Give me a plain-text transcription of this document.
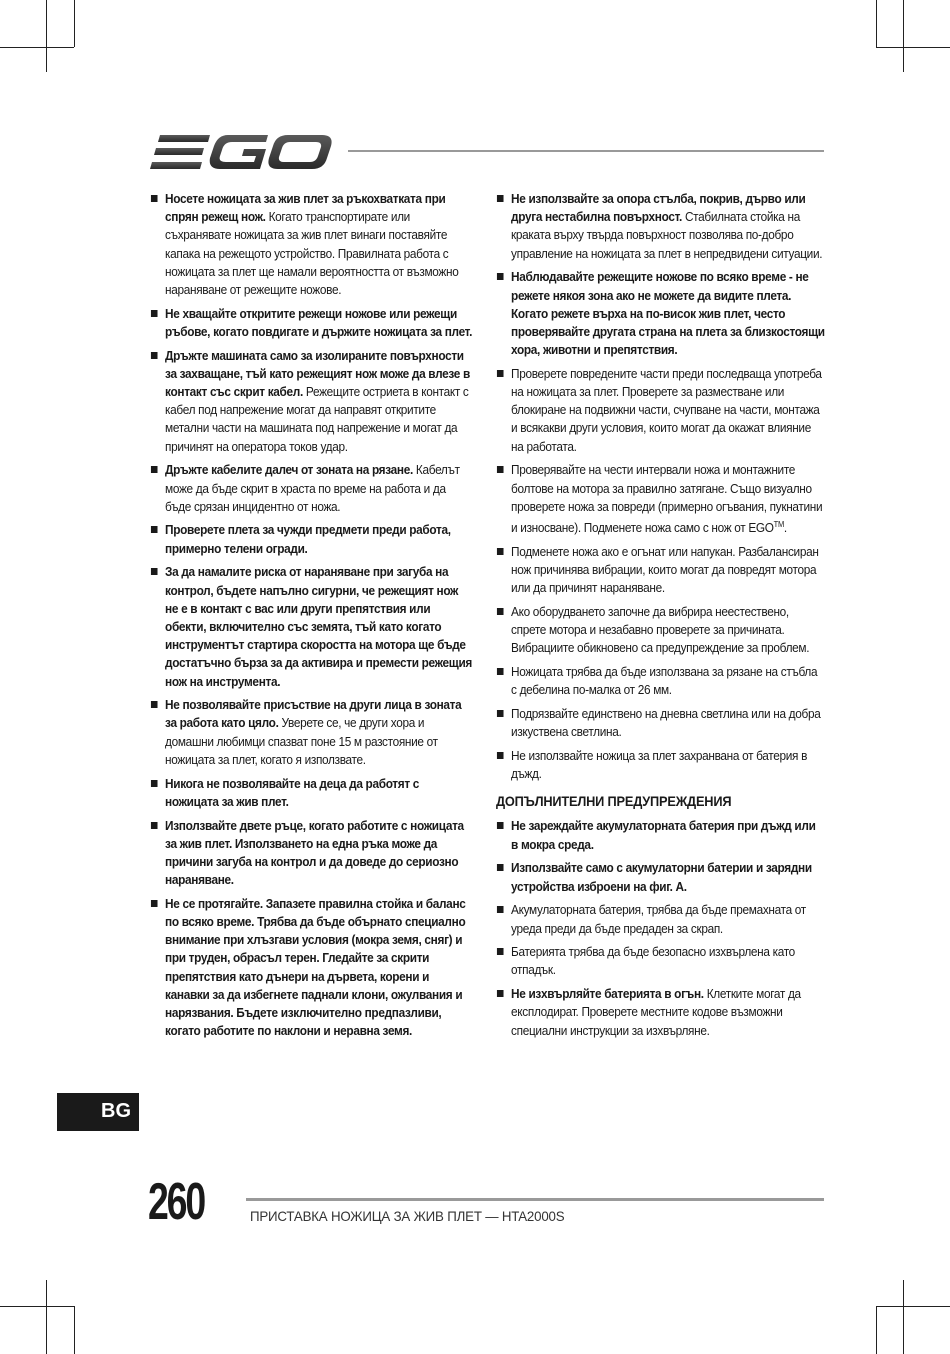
Носете ножицата за жив плет за ръкохватката при спрян режещ нож. Когато транспортирате или съхранявате ножицата за жив плет винаги поставяйте капака на режещото устройство. Правилната работа с ножицата за плет ще намали вероятността от възможно нараняване от режещите ножове.
Не хващайте откритите режещи ножове или режещи ръбове, когато повдигате и държите ножицата за плет.
Дръжте машината само за изолираните повърхности за захващане, тъй като режещият нож може да влезе в контакт със скрит кабел. Режещите остриета в контакт с кабел под напрежение могат да направят откритите метални части на машината под напрежение и могат да причинят на оператора токов удар.
Дръжте кабелите далеч от зоната на рязане. Кабелът може да бъде скрит в храста по време на работа и да бъде срязан инцидентно от ножа.
Проверете плета за чужди предмети преди работа, примерно телени огради.
За да намалите риска от нараняване при загуба на контрол, бъдете напълно сигурни, че режещият нож не е в контакт с вас или други препятствия или обекти, включително със земята, тъй като когато инструментът стартира скоростта на мотора ще бъде достатъчно бърза за да активира и премести режещия нож на инструмента.
Не позволявайте присъствие на други лица в зоната за работа като цяло. Уверете се, че други хора и домашни любимци спазват поне 15 м разстояние от ножицата за плет, когато я използвате.
Никога не позволявайте на деца да работят с ножицата за жив плет.
Използвайте двете ръце, когато работите с ножицата за жив плет. Използването на една ръка може да причини загуба на контрол и да доведе до сериозно нараняване.
Не се протягайте. Запазете правилна стойка и баланс по всяко време. Трябва да бъде обърнато специално внимание при хлъзгави условия (мокра земя, сняг) и при труден, обрасъл терен. Гледайте за скрити препятствия като дънери на дървета, корени и канавки за да избегнете паднали клони, ожулвания и нарязвания. Бъдете изключително предпазливи, когато работите по наклони и неравна земя.
Не използвайте за опора стълба, покрив, дърво или друга нестабилна повърхност. Стабилната стойка на краката върху твърда повърхност позволява по-добро управление на ножицата за плет в непредвидени ситуации.
Наблюдавайте режещите ножове по всяко време - не режете някоя зона ако не можете да видите плета. Когато режете върха на по-висок жив плет, често проверявайте другата страна на плета за близкостоящи хора, животни и препятствия.
Проверете повредените части преди последваща употреба на ножицата за плет. Проверете за разместване или блокиране на подвижни части, счупване на части, монтажа и всякакви други условия, които могат да окажат влияние на работата.
Проверявайте на чести интервали ножа и монтажните болтове на мотора за правилно затягане. Също визуално проверете ножа за повреди (примерно огъвания, пукнатини и износване). Подменете ножа само с нож от EGO™.
Подменете ножа ако е огънат или напукан. Разбалансиран нож причинява вибрации, които могат да повредят мотора или да причинят нараняване.
Ако оборудването започне да вибрира неестествено, спрете мотора и незабавно проверете за причината. Вибрациите обикновено са предупреждение за проблем.
Ножицата трябва да бъде използвана за рязане на стъбла с дебелина по-малка от 26 мм.
Подрязвайте единствено на дневна светлина или на добра изкуствена светлина.
Не използвайте ножица за плет захранвана от батерия в дъжд.
ДОПЪЛНИТЕЛНИ ПРЕДУПРЕЖДЕНИЯ
Не зареждайте акумулаторната батерия при дъжд или в мокра среда.
Използвайте само с акумулаторни батерии и зарядни устройства изброени на фиг. А.
Акумулаторната батерия, трябва да бъде премахната от уреда преди да бъде предаден за скрап.
Батерията трябва да бъде безопасно изхвърлена като отпадък.
Не изхвърляйте батерията в огън. Клетките могат да експлодират. Проверете местните кодове възможни специални инструкции за изхвърляне.
BG
260	ПРИСТАВКА НОЖИЦА ЗА ЖИВ ПЛЕТ — HTA2000S
